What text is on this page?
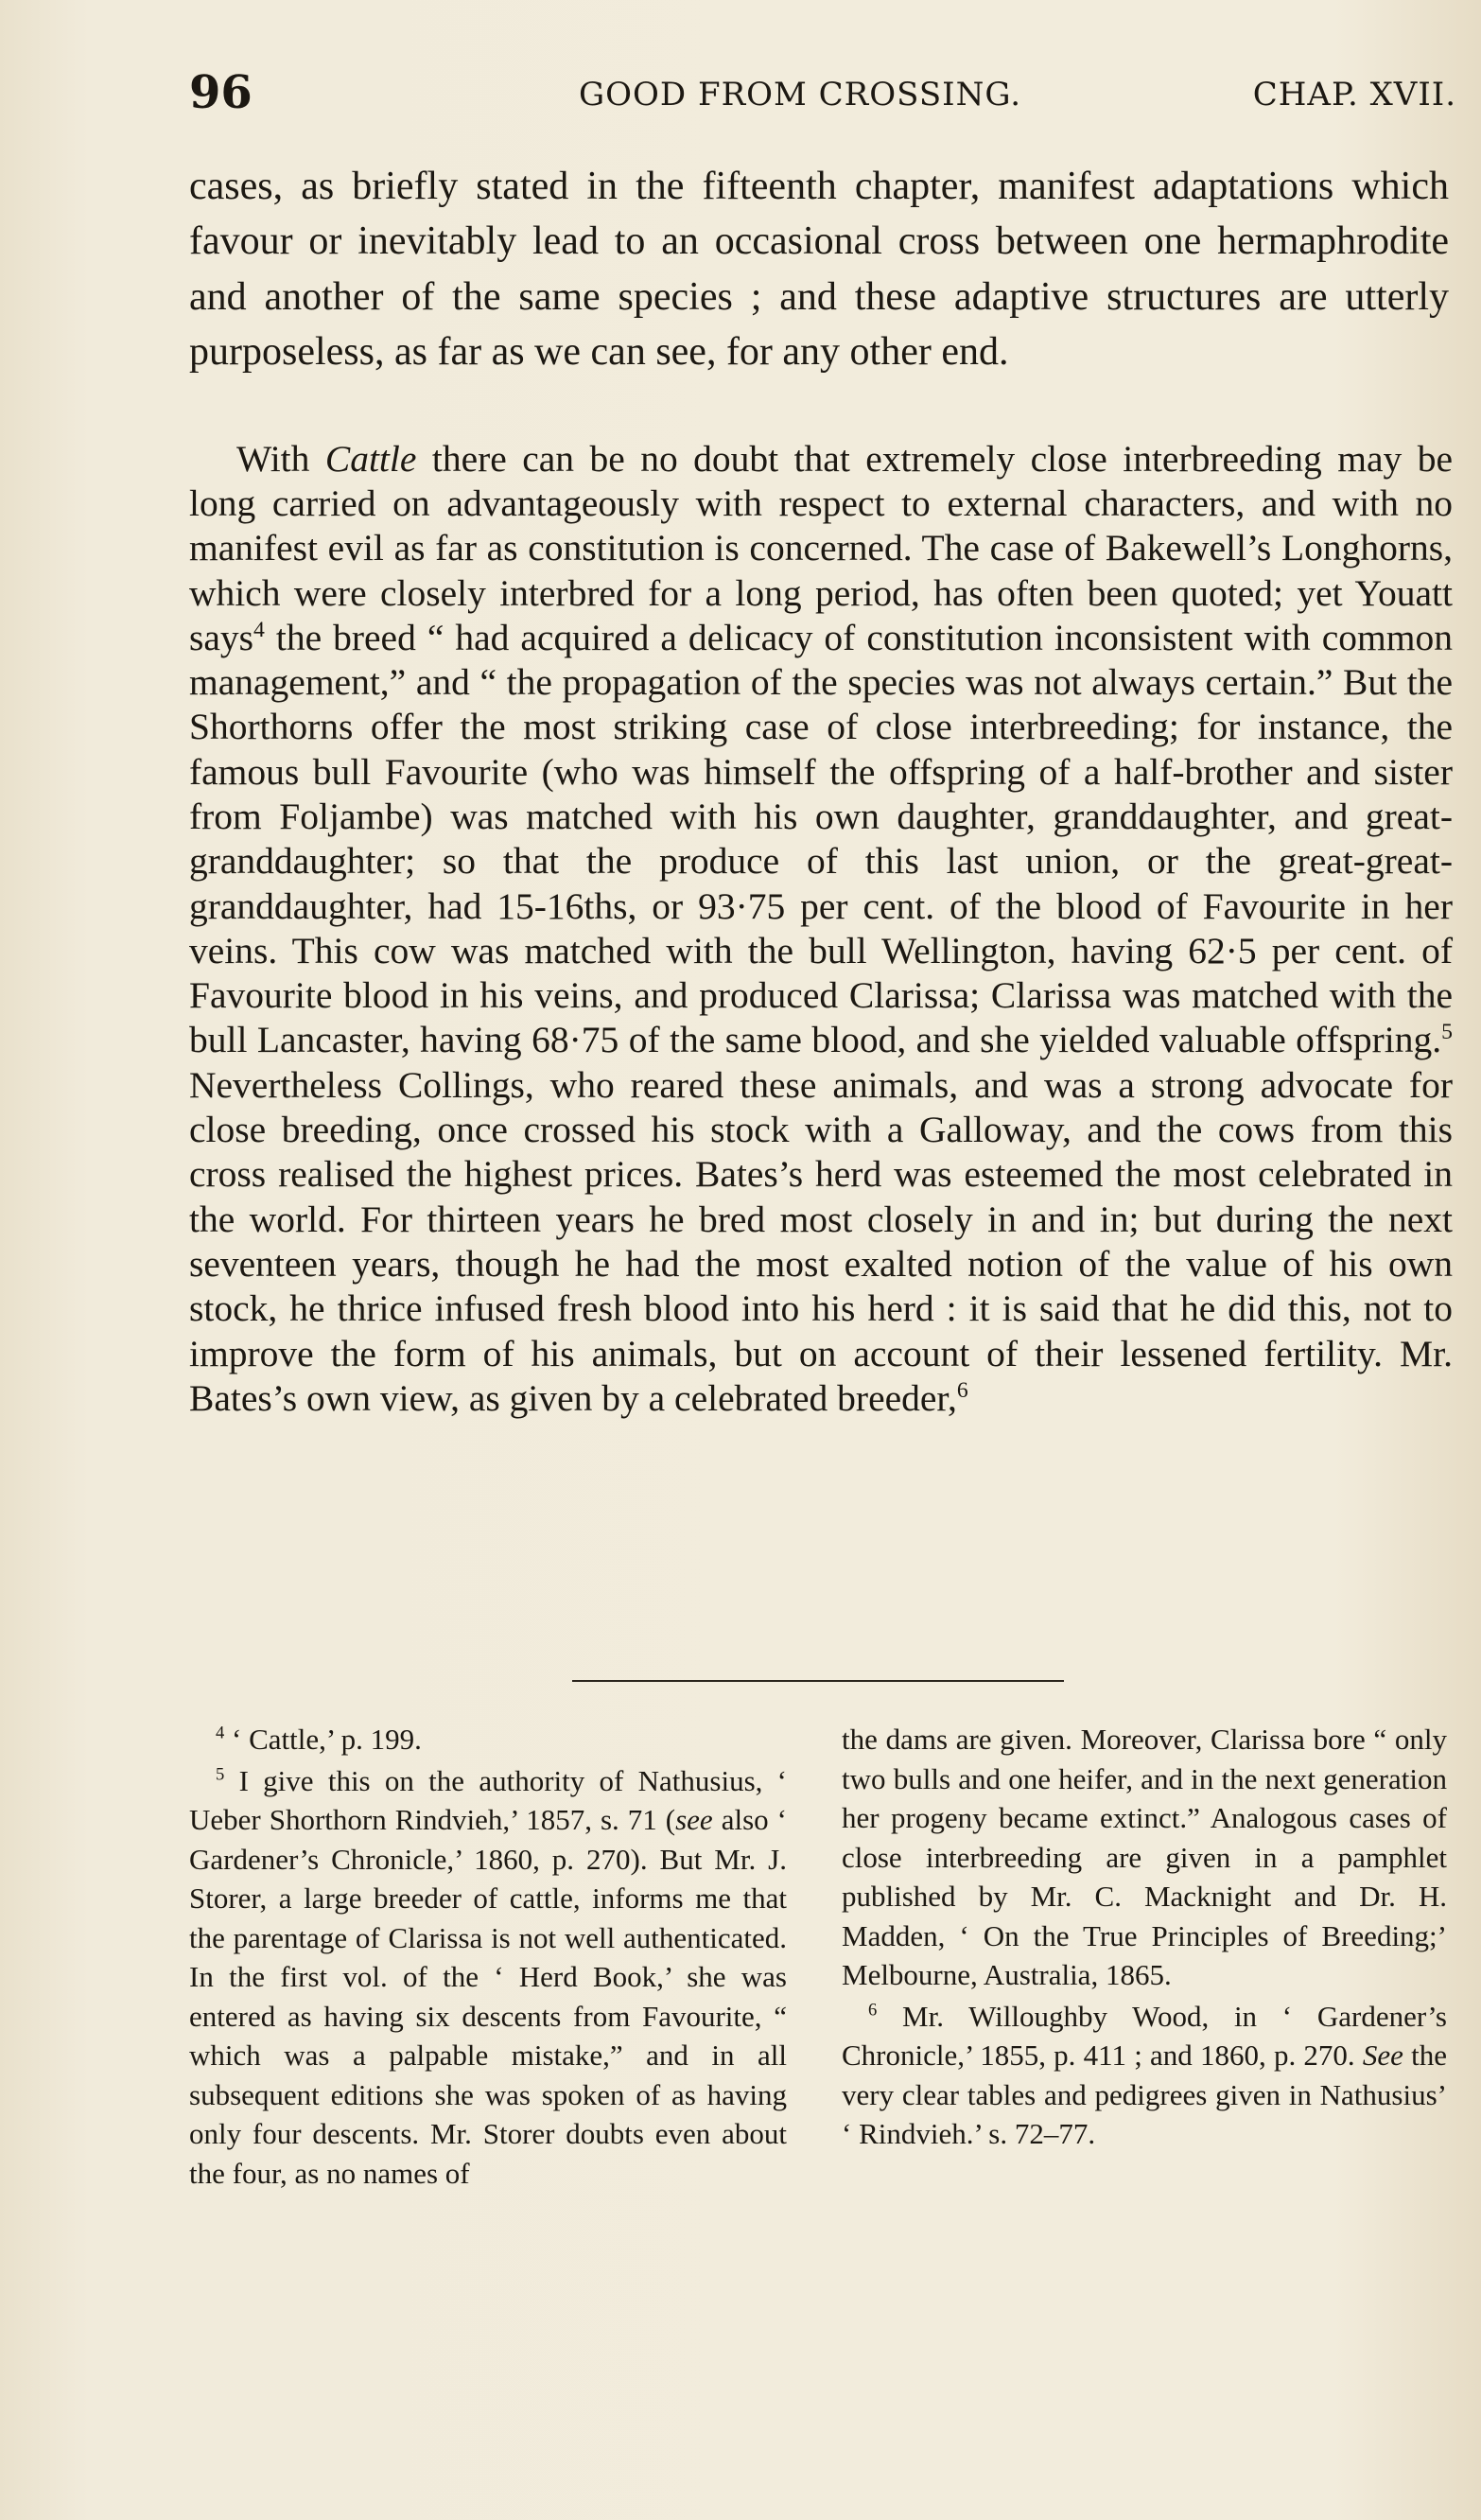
96	GOOD FROM CROSSING.	CHAP. XVII.

cases, as briefly stated in the fifteenth chapter, manifest adaptations which favour or inevitably lead to an occasional cross between one hermaphrodite and another of the same species ; and these adaptive structures are utterly purposeless, as far as we can see, for any other end.

With Cattle there can be no doubt that extremely close interbreeding may be long carried on advantageously with respect to external characters, and with no manifest evil as far as constitution is concerned. The case of Bakewell’s Longhorns, which were closely interbred for a long period, has often been quoted; yet Youatt says$^4$ the breed “ had acquired a delicacy of constitution inconsistent with common management,” and “ the propagation of the species was not always certain.” But the Shorthorns offer the most striking case of close interbreeding; for instance, the famous bull Favourite (who was himself the offspring of a half-brother and sister from Foljambe) was matched with his own daughter, granddaughter, and great-granddaughter; so that the produce of this last union, or the great-great-granddaughter, had 15-16ths, or 93·75 per cent. of the blood of Favourite in her veins. This cow was matched with the bull Wellington, having 62·5 per cent. of Favourite blood in his veins, and produced Clarissa; Clarissa was matched with the bull Lancaster, having 68·75 of the same blood, and she yielded valuable offspring.$^5$ Nevertheless Collings, who reared these animals, and was a strong advocate for close breeding, once crossed his stock with a Galloway, and the cows from this cross realised the highest prices. Bates’s herd was esteemed the most celebrated in the world. For thirteen years he bred most closely in and in; but during the next seventeen years, though he had the most exalted notion of the value of his own stock, he thrice infused fresh blood into his herd : it is said that he did this, not to improve the form of his animals, but on account of their lessened fertility. Mr. Bates’s own view, as given by a celebrated breeder,$^6$

$^4$ ‘ Cattle,’ p. 199.

$^5$ I give this on the authority of Nathusius, ‘ Ueber Shorthorn Rindvieh,’ 1857, s. 71 (see also ‘ Gardener’s Chronicle,’ 1860, p. 270). But Mr. J. Storer, a large breeder of cattle, informs me that the parentage of Clarissa is not well authenticated. In the first vol. of the ‘ Herd Book,’ she was entered as having six descents from Favourite, “ which was a palpable mistake,” and in all subsequent editions she was spoken of as having only four descents. Mr. Storer doubts even about the four, as no names of

the dams are given. Moreover, Clarissa bore “ only two bulls and one heifer, and in the next generation her progeny became extinct.” Analogous cases of close interbreeding are given in a pamphlet published by Mr. C. Macknight and Dr. H. Madden, ‘ On the True Principles of Breeding;’ Melbourne, Australia, 1865.

$^6$ Mr. Willoughby Wood, in ‘ Gardener’s Chronicle,’ 1855, p. 411 ; and 1860, p. 270. See the very clear tables and pedigrees given in Nathusius’ ‘ Rindvieh.’ s. 72–77.
